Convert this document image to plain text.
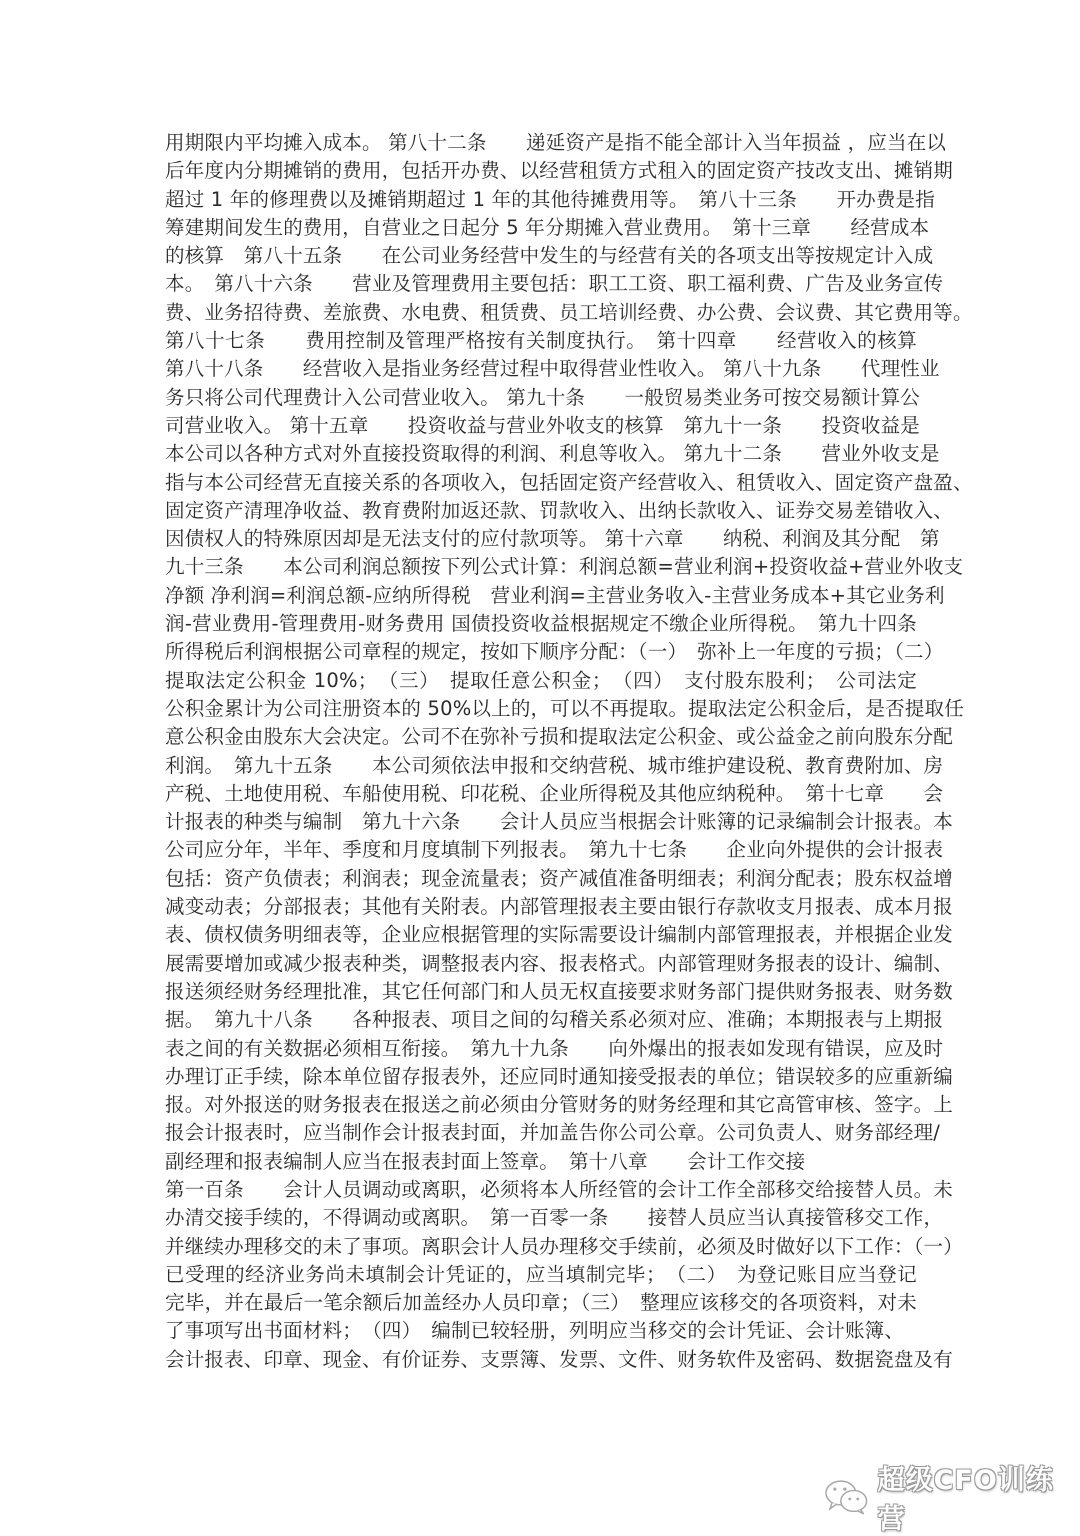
用期限内平均摊入成本。 第八十二条　　递延资产是指不能全部计入当年损益 ，应当在以
后年度内分期摊销的费用，包括开办费、以经营租赁方式租入的固定资产技改支出、摊销期
超过 1 年的修理费以及摊销期超过 1 年的其他待摊费用等。　第八十三条　　开办费是指
筹建期间发生的费用，自营业之日起分 5 年分期摊入营业费用。　第十三章　　经营成本
的核算　第八十五条　　在公司业务经营中发生的与经营有关的各项支出等按规定计入成
本。　第八十六条　　营业及管理费用主要包括：职工工资、职工福利费、广告及业务宣传
费、业务招待费、差旅费、水电费、租赁费、员工培训经费、办公费、会议费、其它费用等。
第八十七条　　费用控制及管理严格按有关制度执行。　第十四章　　经营收入的核算
第八十八条　　经营收入是指业务经营过程中取得营业性收入。 第八十九条　　代理性业
务只将公司代理费计入公司营业收入。 第九十条　　一般贸易类业务可按交易额计算公
司营业收入。 第十五章　　投资收益与营业外收支的核算　第九十一条　　投资收益是
本公司以各种方式对外直接投资取得的利润、利息等收入。 第九十二条　　营业外收支是
指与本公司经营无直接关系的各项收入，包括固定资产经营收入、租赁收入、固定资产盘盈、
固定资产清理净收益、教育费附加返还款、罚款收入、出纳长款收入、证券交易差错收入、
因债权人的特殊原因却是无法支付的应付款项等。 第十六章　　纳税、利润及其分配　第
九十三条　　本公司利润总额按下列公式计算：利润总额=营业利润+投资收益+营业外收支
净额 净利润=利润总额-应纳所得税　营业利润=主营业务收入-主营业务成本+其它业务利
润-营业费用-管理费用-财务费用 国债投资收益根据规定不缴企业所得税。　第九十四条
所得税后利润根据公司章程的规定，按如下顺序分配：（一）　弥补上一年度的亏损；（二）
提取法定公积金 10%；　（三）　提取任意公积金；　（四）　支付股东股利；　公司法定
公积金累计为公司注册资本的 50%以上的，可以不再提取。提取法定公积金后，是否提取任
意公积金由股东大会决定。公司不在弥补亏损和提取法定公积金、或公益金之前向股东分配
利润。　第九十五条　　本公司须依法申报和交纳营税、城市维护建设税、教育费附加、房
产税、土地使用税、车船使用税、印花税、企业所得税及其他应纳税种。　第十七章　　会
计报表的种类与编制　第九十六条　　会计人员应当根据会计账簿的记录编制会计报表。本
公司应分年，半年、季度和月度填制下列报表。　第九十七条　　企业向外提供的会计报表
包括：资产负债表；利润表；现金流量表；资产减值准备明细表；利润分配表；股东权益增
减变动表；分部报表；其他有关附表。内部管理报表主要由银行存款收支月报表、成本月报
表、债权债务明细表等，企业应根据管理的实际需要设计编制内部管理报表，并根据企业发
展需要增加或减少报表种类，调整报表内容、报表格式。内部管理财务报表的设计、编制、
报送须经财务经理批准，其它任何部门和人员无权直接要求财务部门提供财务报表、财务数
据。　第九十八条　　各种报表、项目之间的勾稽关系必须对应、准确；本期报表与上期报
表之间的有关数据必须相互衔接。　第九十九条　　向外爆出的报表如发现有错误，应及时
办理订正手续，除本单位留存报表外，还应同时通知接受报表的单位；错误较多的应重新编
报。对外报送的财务报表在报送之前必须由分管财务的财务经理和其它高管审核、签字。上
报会计报表时，应当制作会计报表封面，并加盖告你公司公章。公司负责人、财务部经理/
副经理和报表编制人应当在报表封面上签章。　第十八章　　会计工作交接
第一百条　　会计人员调动或离职，必须将本人所经管的会计工作全部移交给接替人员。未
办清交接手续的，不得调动或离职。　第一百零一条　　接替人员应当认真接管移交工作，
并继续办理移交的未了事项。离职会计人员办理移交手续前，必须及时做好以下工作：（一）
已受理的经济业务尚未填制会计凭证的，应当填制完毕；　（二）　为登记账目应当登记
完毕，并在最后一笔余额后加盖经办人员印章；（三）　整理应该移交的各项资料，对未
了事项写出书面材料；　（四）　编制已较轻册，列明应当移交的会计凭证、会计账簿、
会计报表、印章、现金、有价证券、支票簿、发票、文件、财务软件及密码、数据瓷盘及有
超级CFO训练营
